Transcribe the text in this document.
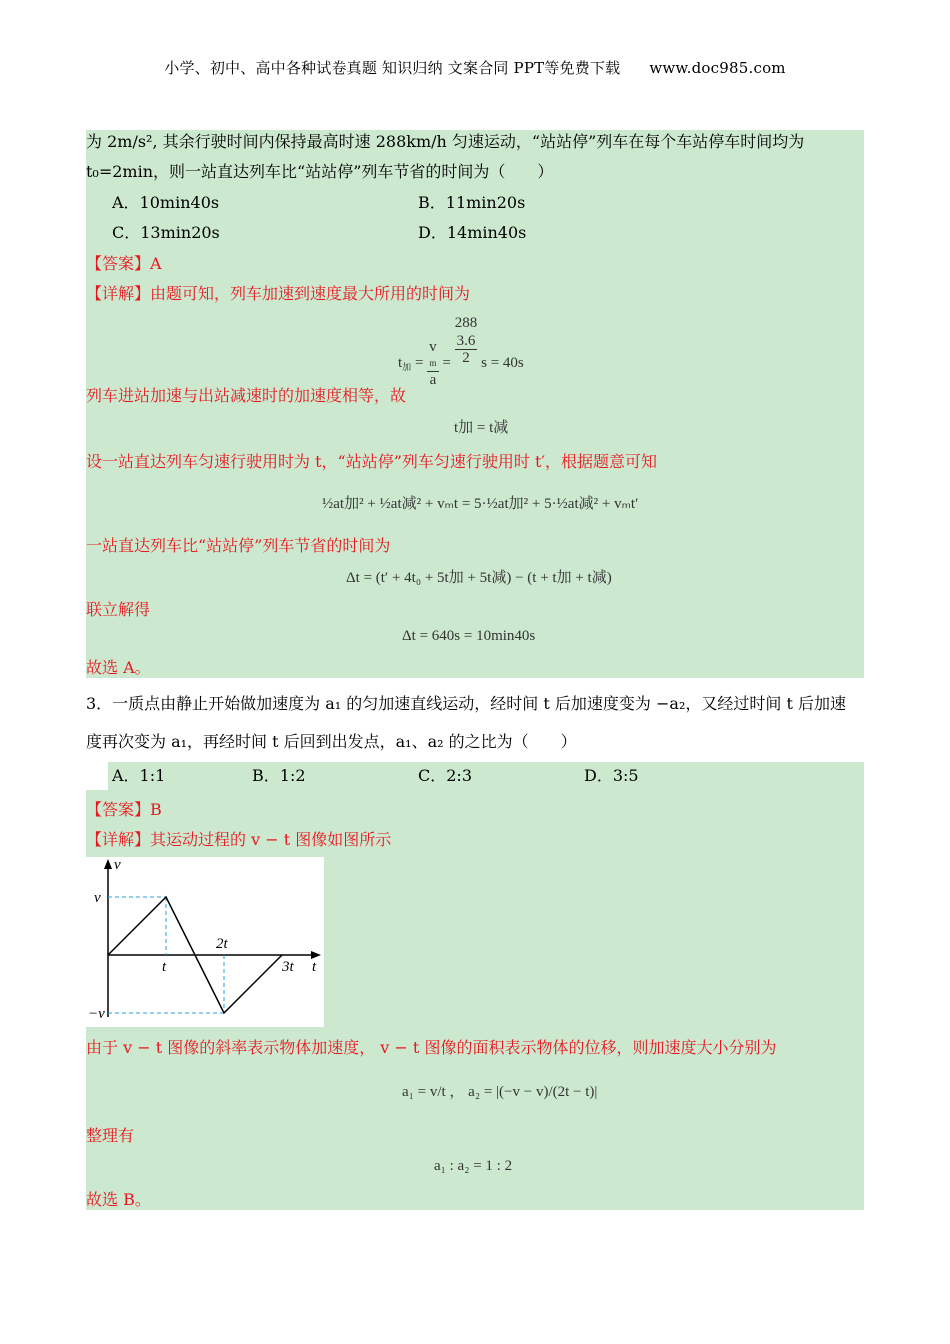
小学、初中、高中各种试卷真题 知识归纳 文案合同 PPT等免费下载 www.doc985.com
为 2m/s², 其余行驶时间内保持最高时速 288km/h 匀速运动，“站站停”列车在每个车站停车时间均为
t₀=2min，则一站直达列车比“站站停”列车节省的时间为（　　）
A．10min40s	B．11min20s
C．13min20s	D．14min40s
【答案】A
【详解】由题可知，列车加速到速度最大所用的时间为
$t_加 = v$
m
a =
288
3.6
2 s = 40s
列车进站加速与出站减速时的加速度相等，故
t加 = t减
设一站直达列车匀速行驶用时为 t，“站站停”列车匀速行驶用时 t′，根据题意可知
½at加² + ½at减² + vₘt = 5·½at加² + 5·½at减² + vₘt′
一站直达列车比“站站停”列车节省的时间为
Δt = (t′ + 4t₀ + 5t加 + 5t减) − (t + t加 + t减)
联立解得
Δt = 640s = 10min40s
故选 A。
3．一质点由静止开始做加速度为 a₁ 的匀加速直线运动，经时间 t 后加速度变为 −a₂，又经过时间 t 后加速
度再次变为 a₁，再经时间 t 后回到出发点，a₁、a₂ 的之比为（　　）
A．1:1	B．1:2	C．2:3	D．3:5
【答案】B
【详解】其运动过程的 v − t 图像如图所示
v
v
−v
t
2t
3t t
由于 v − t 图像的斜率表示物体加速度， v − t 图像的面积表示物体的位移，则加速度大小分别为
a₁ = v/t ， a₂ = |(−v − v)/(2t − t)|
整理有
a₁ : a₂ = 1 : 2
故选 B。
